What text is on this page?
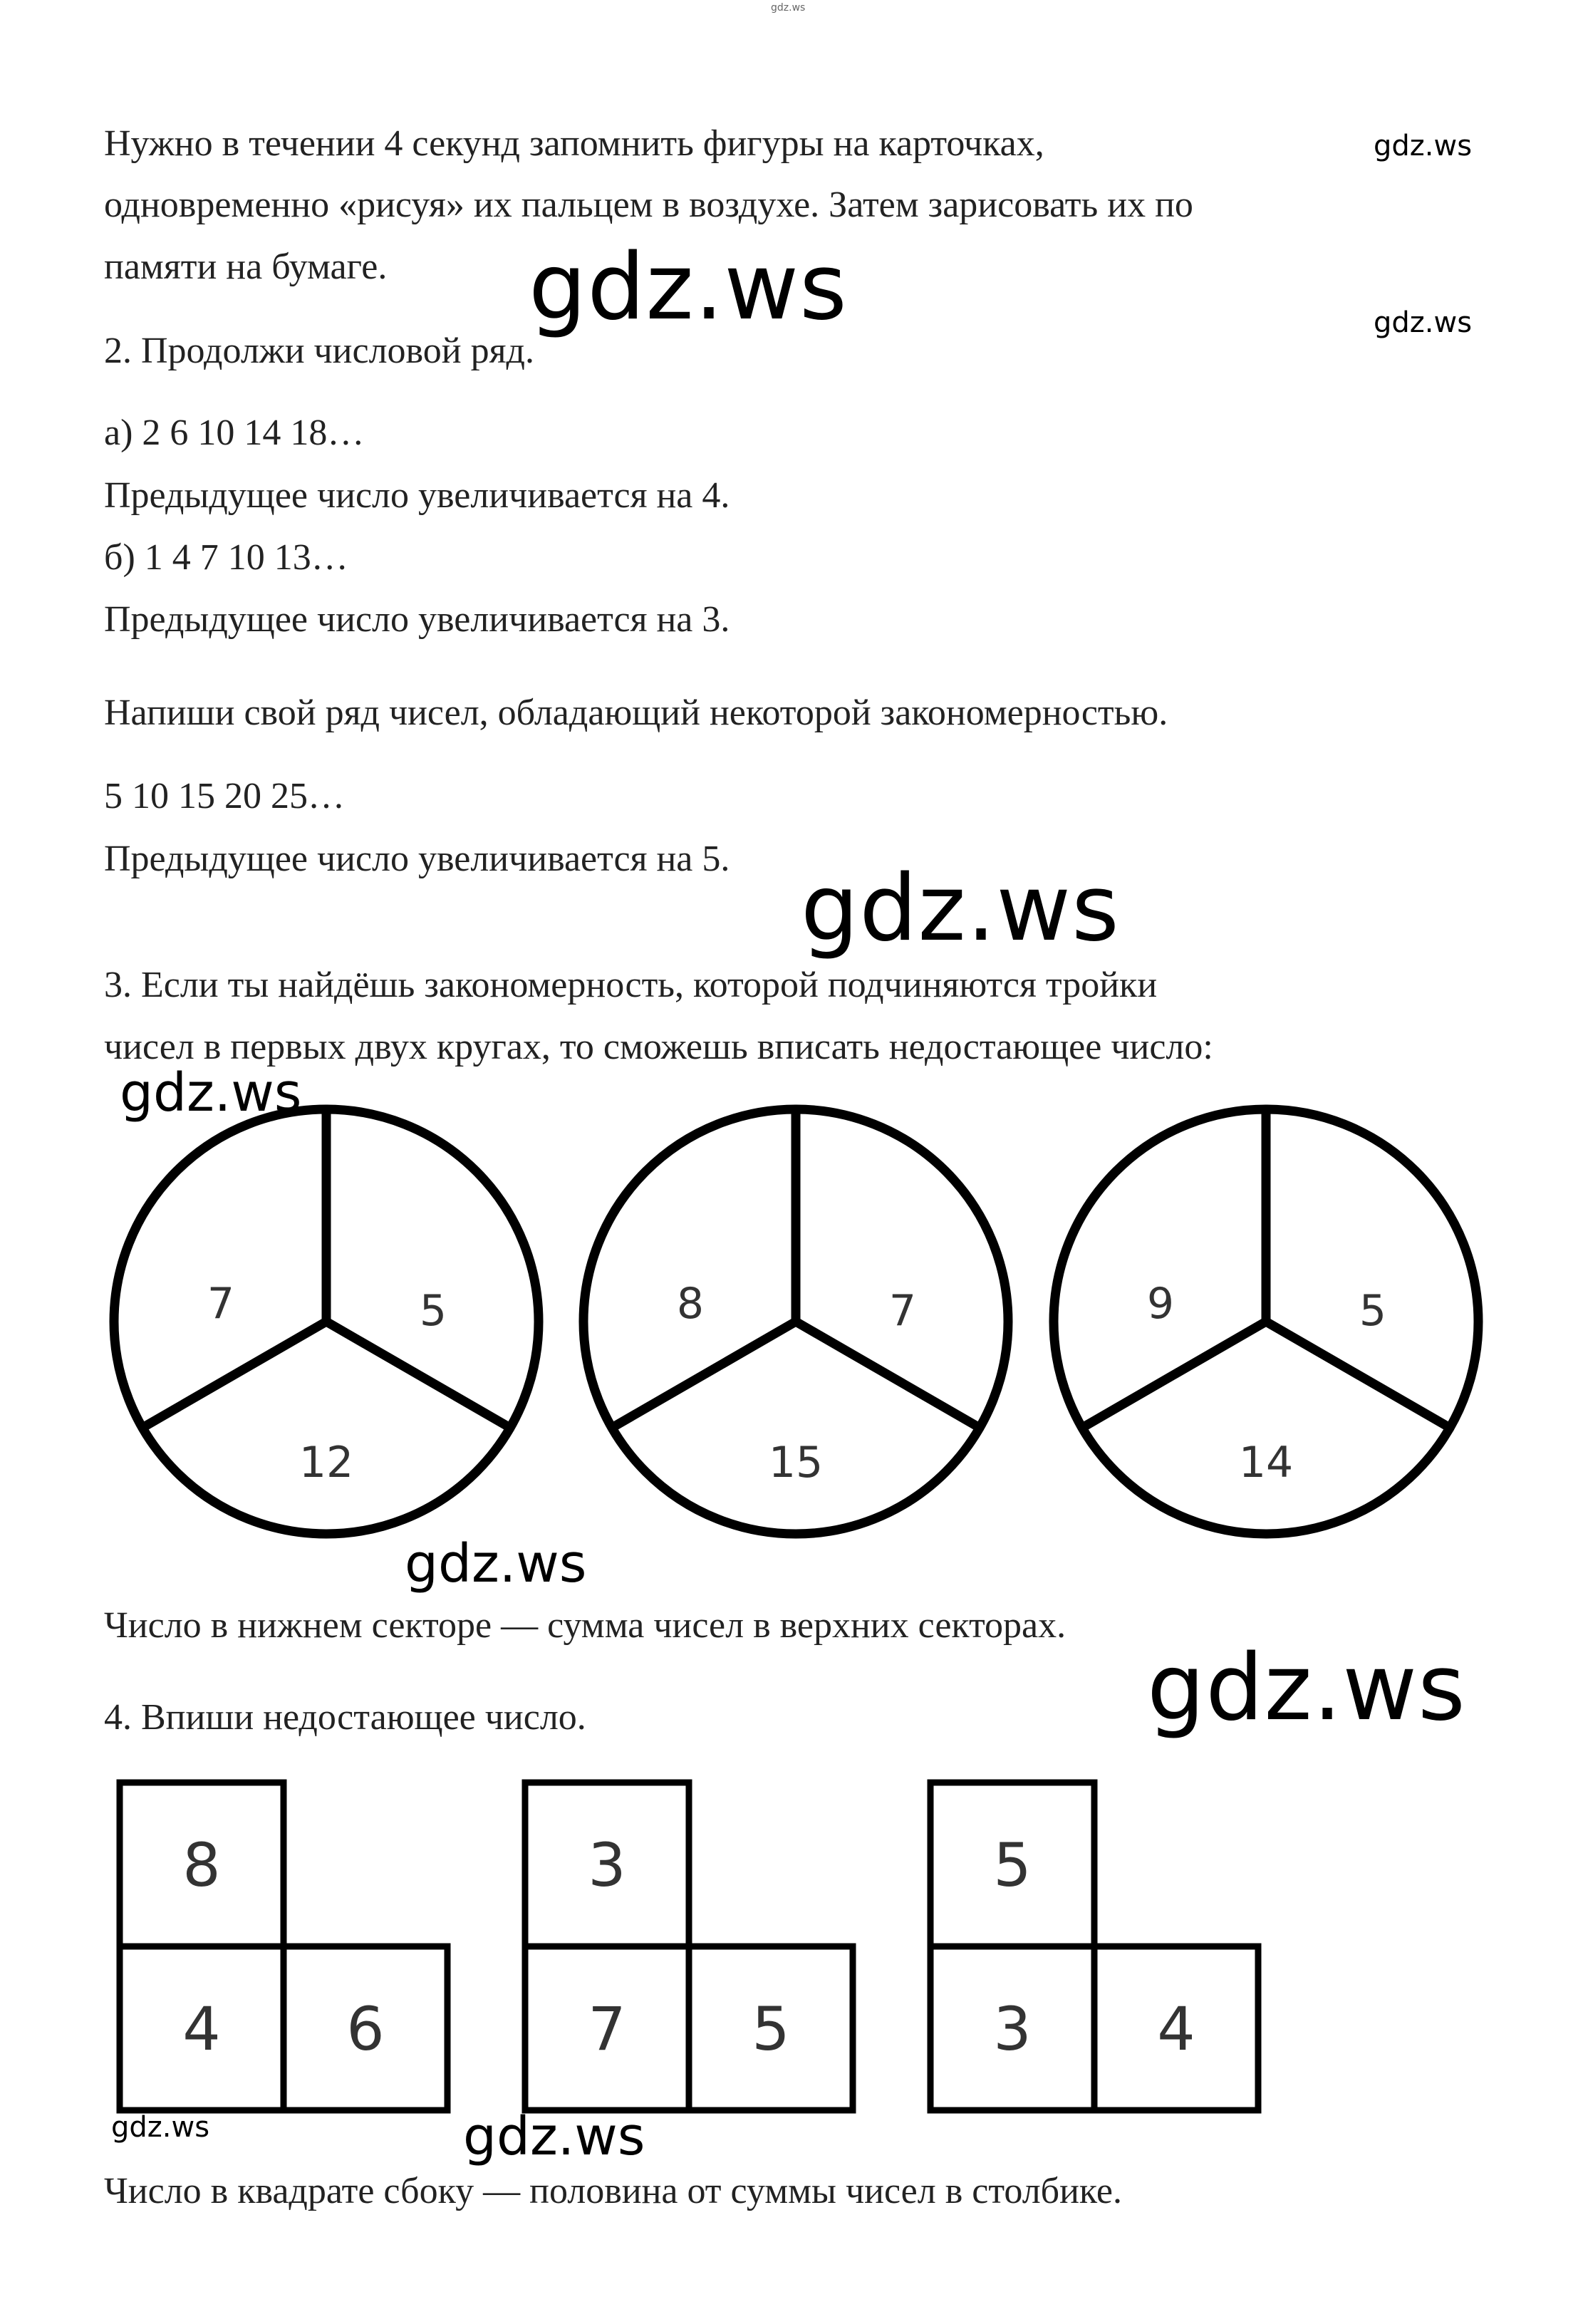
gdz.ws
gdz.ws
gdz.ws
Нужно в течении 4 секунд запомнить фигуры на карточках,
одновременно «рисуя» их пальцем в воздухе. Затем зарисовать их по
памяти на бумаге. gdz.ws
2. Продолжи числовой ряд.
а) 2 6 10 14 18…
Предыдущее число увеличивается на 4.
б) 1 4 7 10 13…
Предыдущее число увеличивается на 3.
Напиши свой ряд чисел, обладающий некоторой закономерностью.
5 10 15 20 25…
Предыдущее число увеличивается на 5. gdz.ws
3. Если ты найдёшь закономерность, которой подчиняются тройки
чисел в первых двух кругах, то сможешь вписать недостающее число:
gdz.ws
7	5
12
8	7
15
9	5
14
gdz.ws
Число в нижнем секторе — сумма чисел в верхних секторах.
gdz.ws
4. Впиши недостающее число.
8
4 6
3
7 5
5
3 4
gdz.ws	gdz.ws
Число в квадрате сбоку — половина от суммы чисел в столбике.
